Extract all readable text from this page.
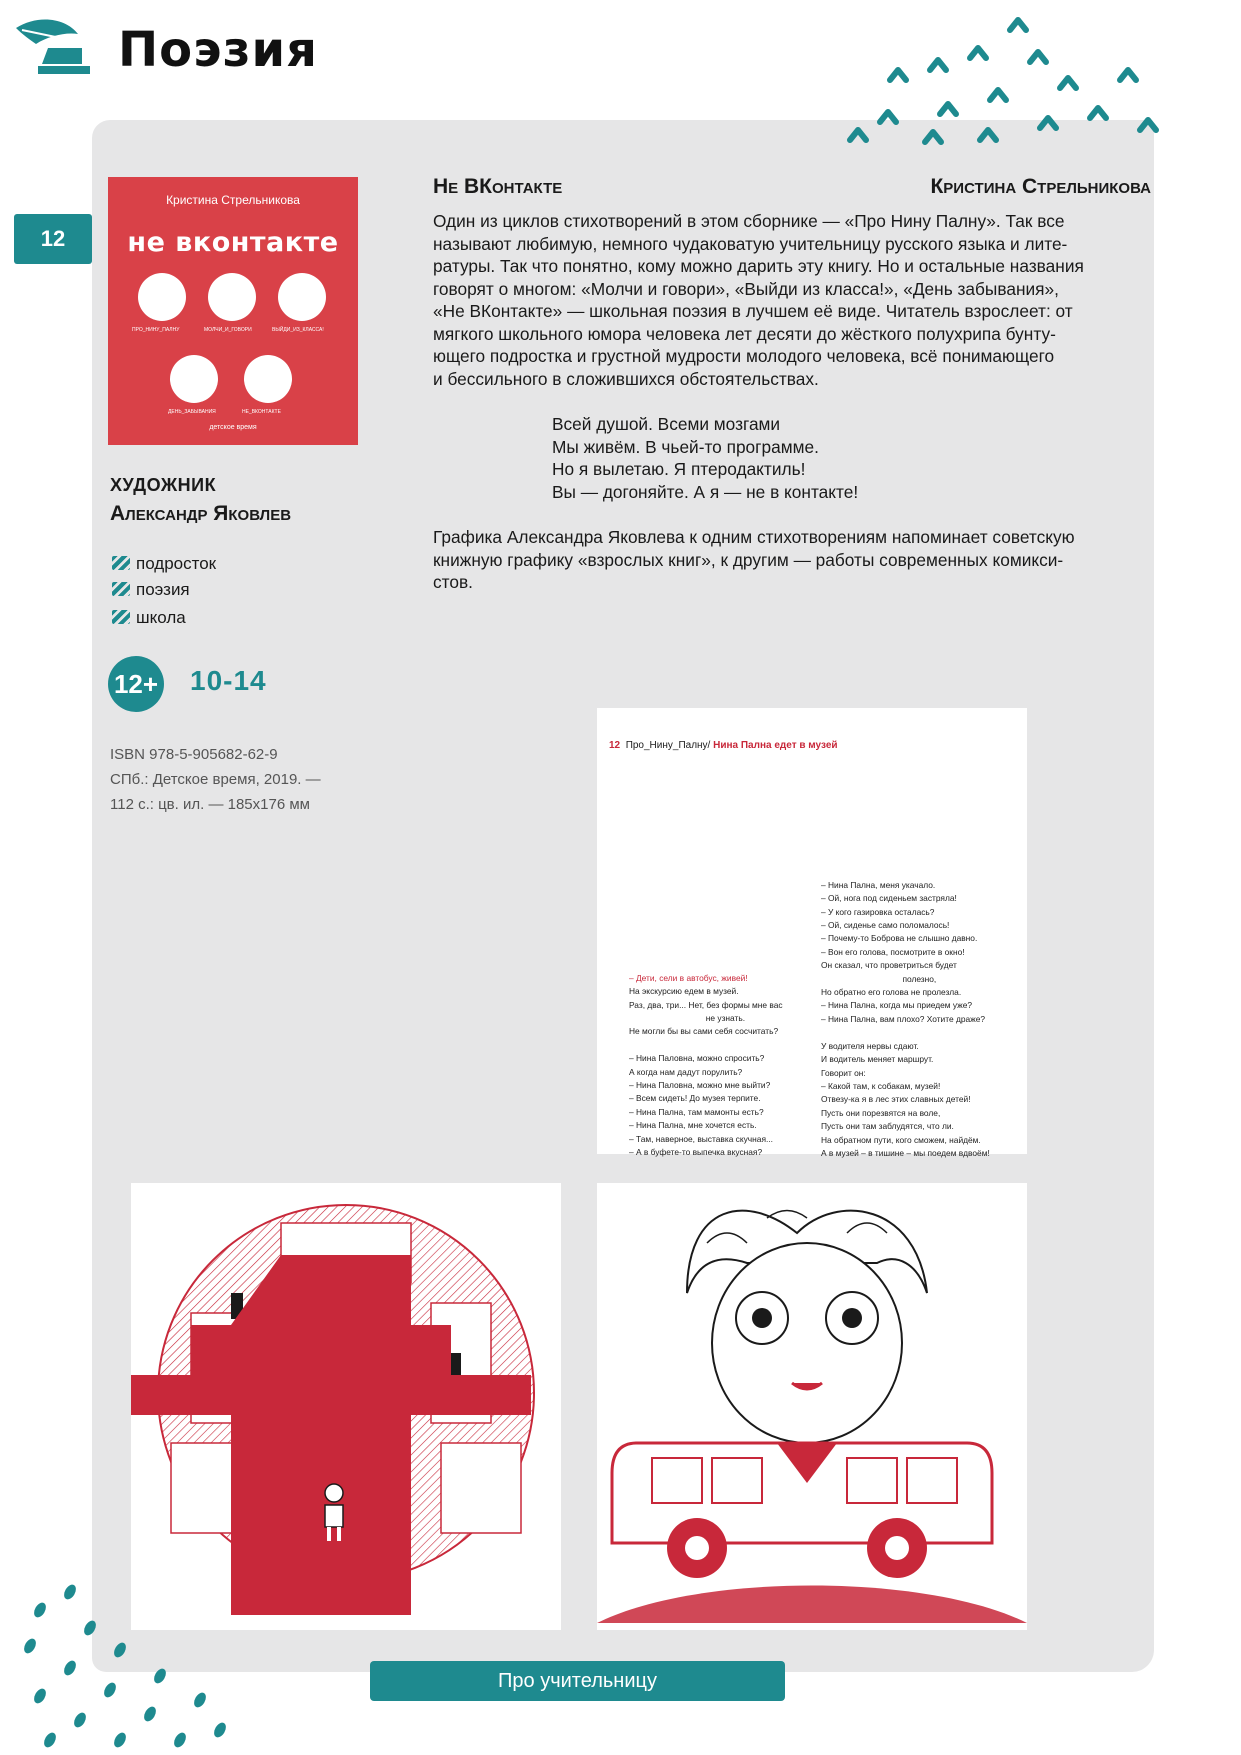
Поэзия
12
Кристина Стрельникова
не вконтакте
ПРО_НИНУ_ПАЛНУ	МОЛЧИ_И_ГОВОРИ	ВЫЙДИ_ИЗ_КЛАССА!
ДЕНЬ_ЗАБЫВАНИЯ	НЕ_ВКОНТАКТЕ
детское время
ХУДОЖНИК
Александр Яковлев
подросток
поэзия
школа
12+ 10-14
ISBN 978-5-905682-62-9
СПб.: Детское время, 2019. —
112 с.: цв. ил. — 185x176 мм
Не ВКонтакте	Кристина Стрельникова
Один из циклов стихотворений в этом сборнике — «Про Нину Палну». Так все
называют любимую, немного чудаковатую учительницу русского языка и лите-
ратуры. Так что понятно, кому можно дарить эту книгу. Но и остальные названия
говорят о многом: «Молчи и говори», «Выйди из класса!», «День забывания»,
«Не ВКонтакте» — школьная поэзия в лучшем её виде. Читатель взрослеет: от
мягкого школьного юмора человека лет десяти до жёсткого полухрипа бунту-
ющего подростка и грустной мудрости молодого человека, всё понимающего
и бессильного в сложившихся обстоятельствах.
Всей душой. Всеми мозгами
Мы живём. В чьей-то программе.
Но я вылетаю. Я птеродактиль!
Вы — догоняйте. А я — не в контакте!
Графика Александра Яковлева к одним стихотворениям напоминает советскую
книжную графику «взрослых книг», к другим — работы современных комикси-
стов.
12 Про_Нину_Палну/ Нина Пална едет в музей

– Дети, сели в автобус, живей!
На экскурсию едем в музей.
Раз, два, три... Нет, без формы мне вас
не узнать.
Не могли бы вы сами себя сосчитать?

– Нина Паловна, можно спросить?
А когда нам дадут порулить?
– Нина Паловна, можно мне выйти?
– Всем сидеть! До музея терпите.
– Нина Пална, там мамонты есть?
– Нина Пална, мне хочется есть.
– Там, наверное, выставка скучная...
– А в буфете-то выпечка вкусная?

– Нина Пална, меня укачало.
– Ой, нога под сиденьем застряла!
– У кого газировка осталась?
– Ой, сиденье само поломалось!
– Почему-то Боброва не слышно давно.
– Вон его голова, посмотрите в окно!
Он сказал, что проветриться будет
полезно,
Но обратно его голова не пролезла.
– Нина Пална, когда мы приедем уже?
– Нина Пална, вам плохо? Хотите драже?

У водителя нервы сдают.
И водитель меняет маршрут.
Говорит он:
– Какой там, к собакам, музей!
Отвезу-ка я в лес этих славных детей!
Пусть они порезвятся на воле,
Пусть они там заблудятся, что ли.
На обратном пути, кого сможем, найдём.
А в музей – в тишине – мы поедем вдвоём!

Про учительницу
